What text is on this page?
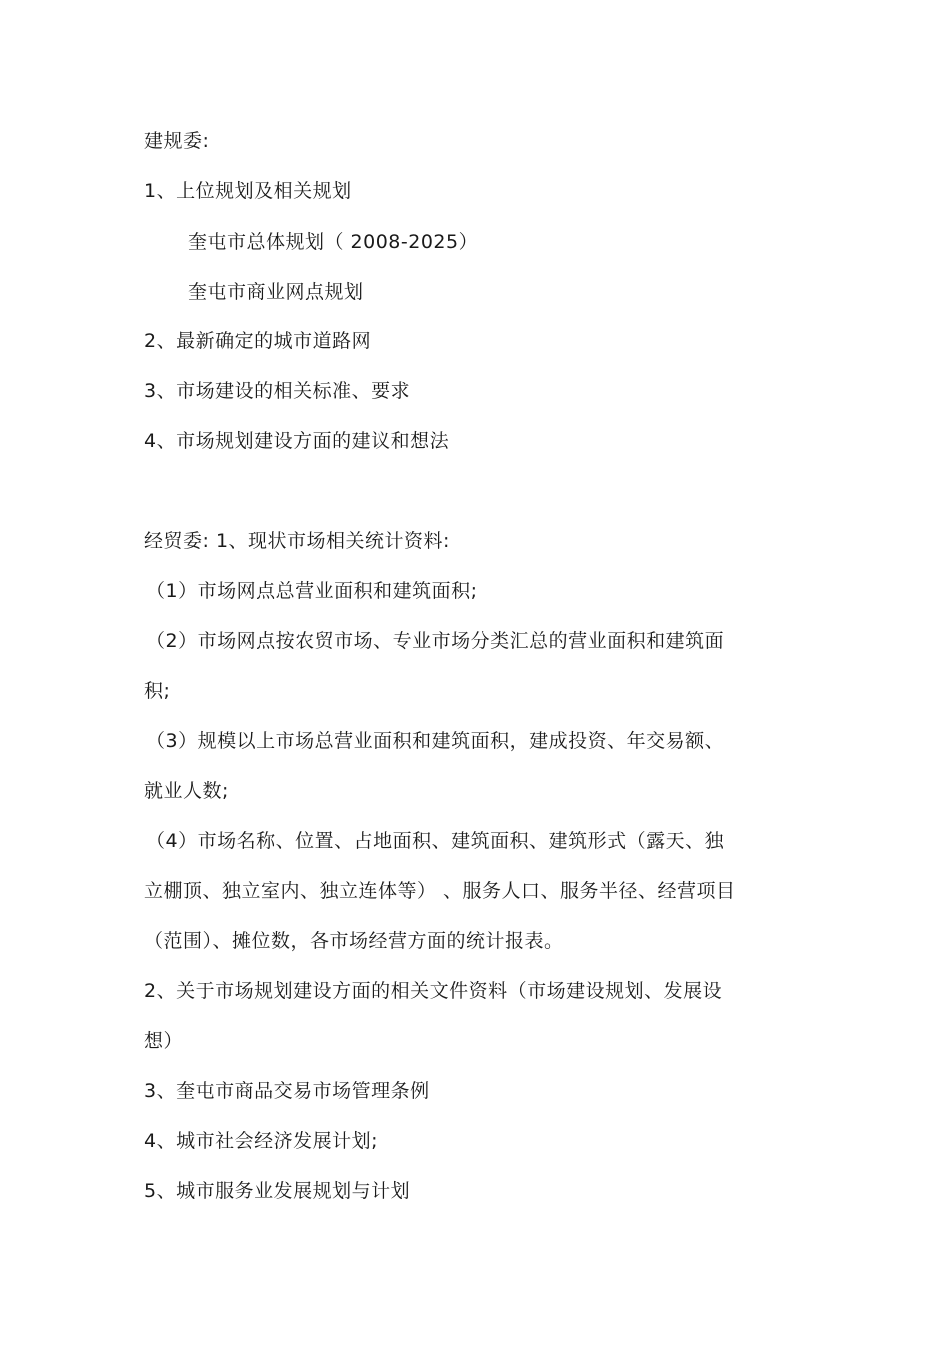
建规委:
1、上位规划及相关规划
奎屯市总体规划（ 2008-2025）
奎屯市商业网点规划
2、最新确定的城市道路网
3、市场建设的相关标准、要求
4、市场规划建设方面的建议和想法
经贸委: 1、现状市场相关统计资料:
（1）市场网点总营业面积和建筑面积;
（2）市场网点按农贸市场、专业市场分类汇总的营业面积和建筑面
积;
（3）规模以上市场总营业面积和建筑面积，建成投资、年交易额、
就业人数;
（4）市场名称、位置、占地面积、建筑面积、建筑形式（露天、独
立棚顶、独立室内、独立连体等） 、服务人口、服务半径、经营项目
（范围）、摊位数，各市场经营方面的统计报表。
2、关于市场规划建设方面的相关文件资料（市场建设规划、发展设
想）
3、奎屯市商品交易市场管理条例
4、城市社会经济发展计划;
5、城市服务业发展规划与计划
